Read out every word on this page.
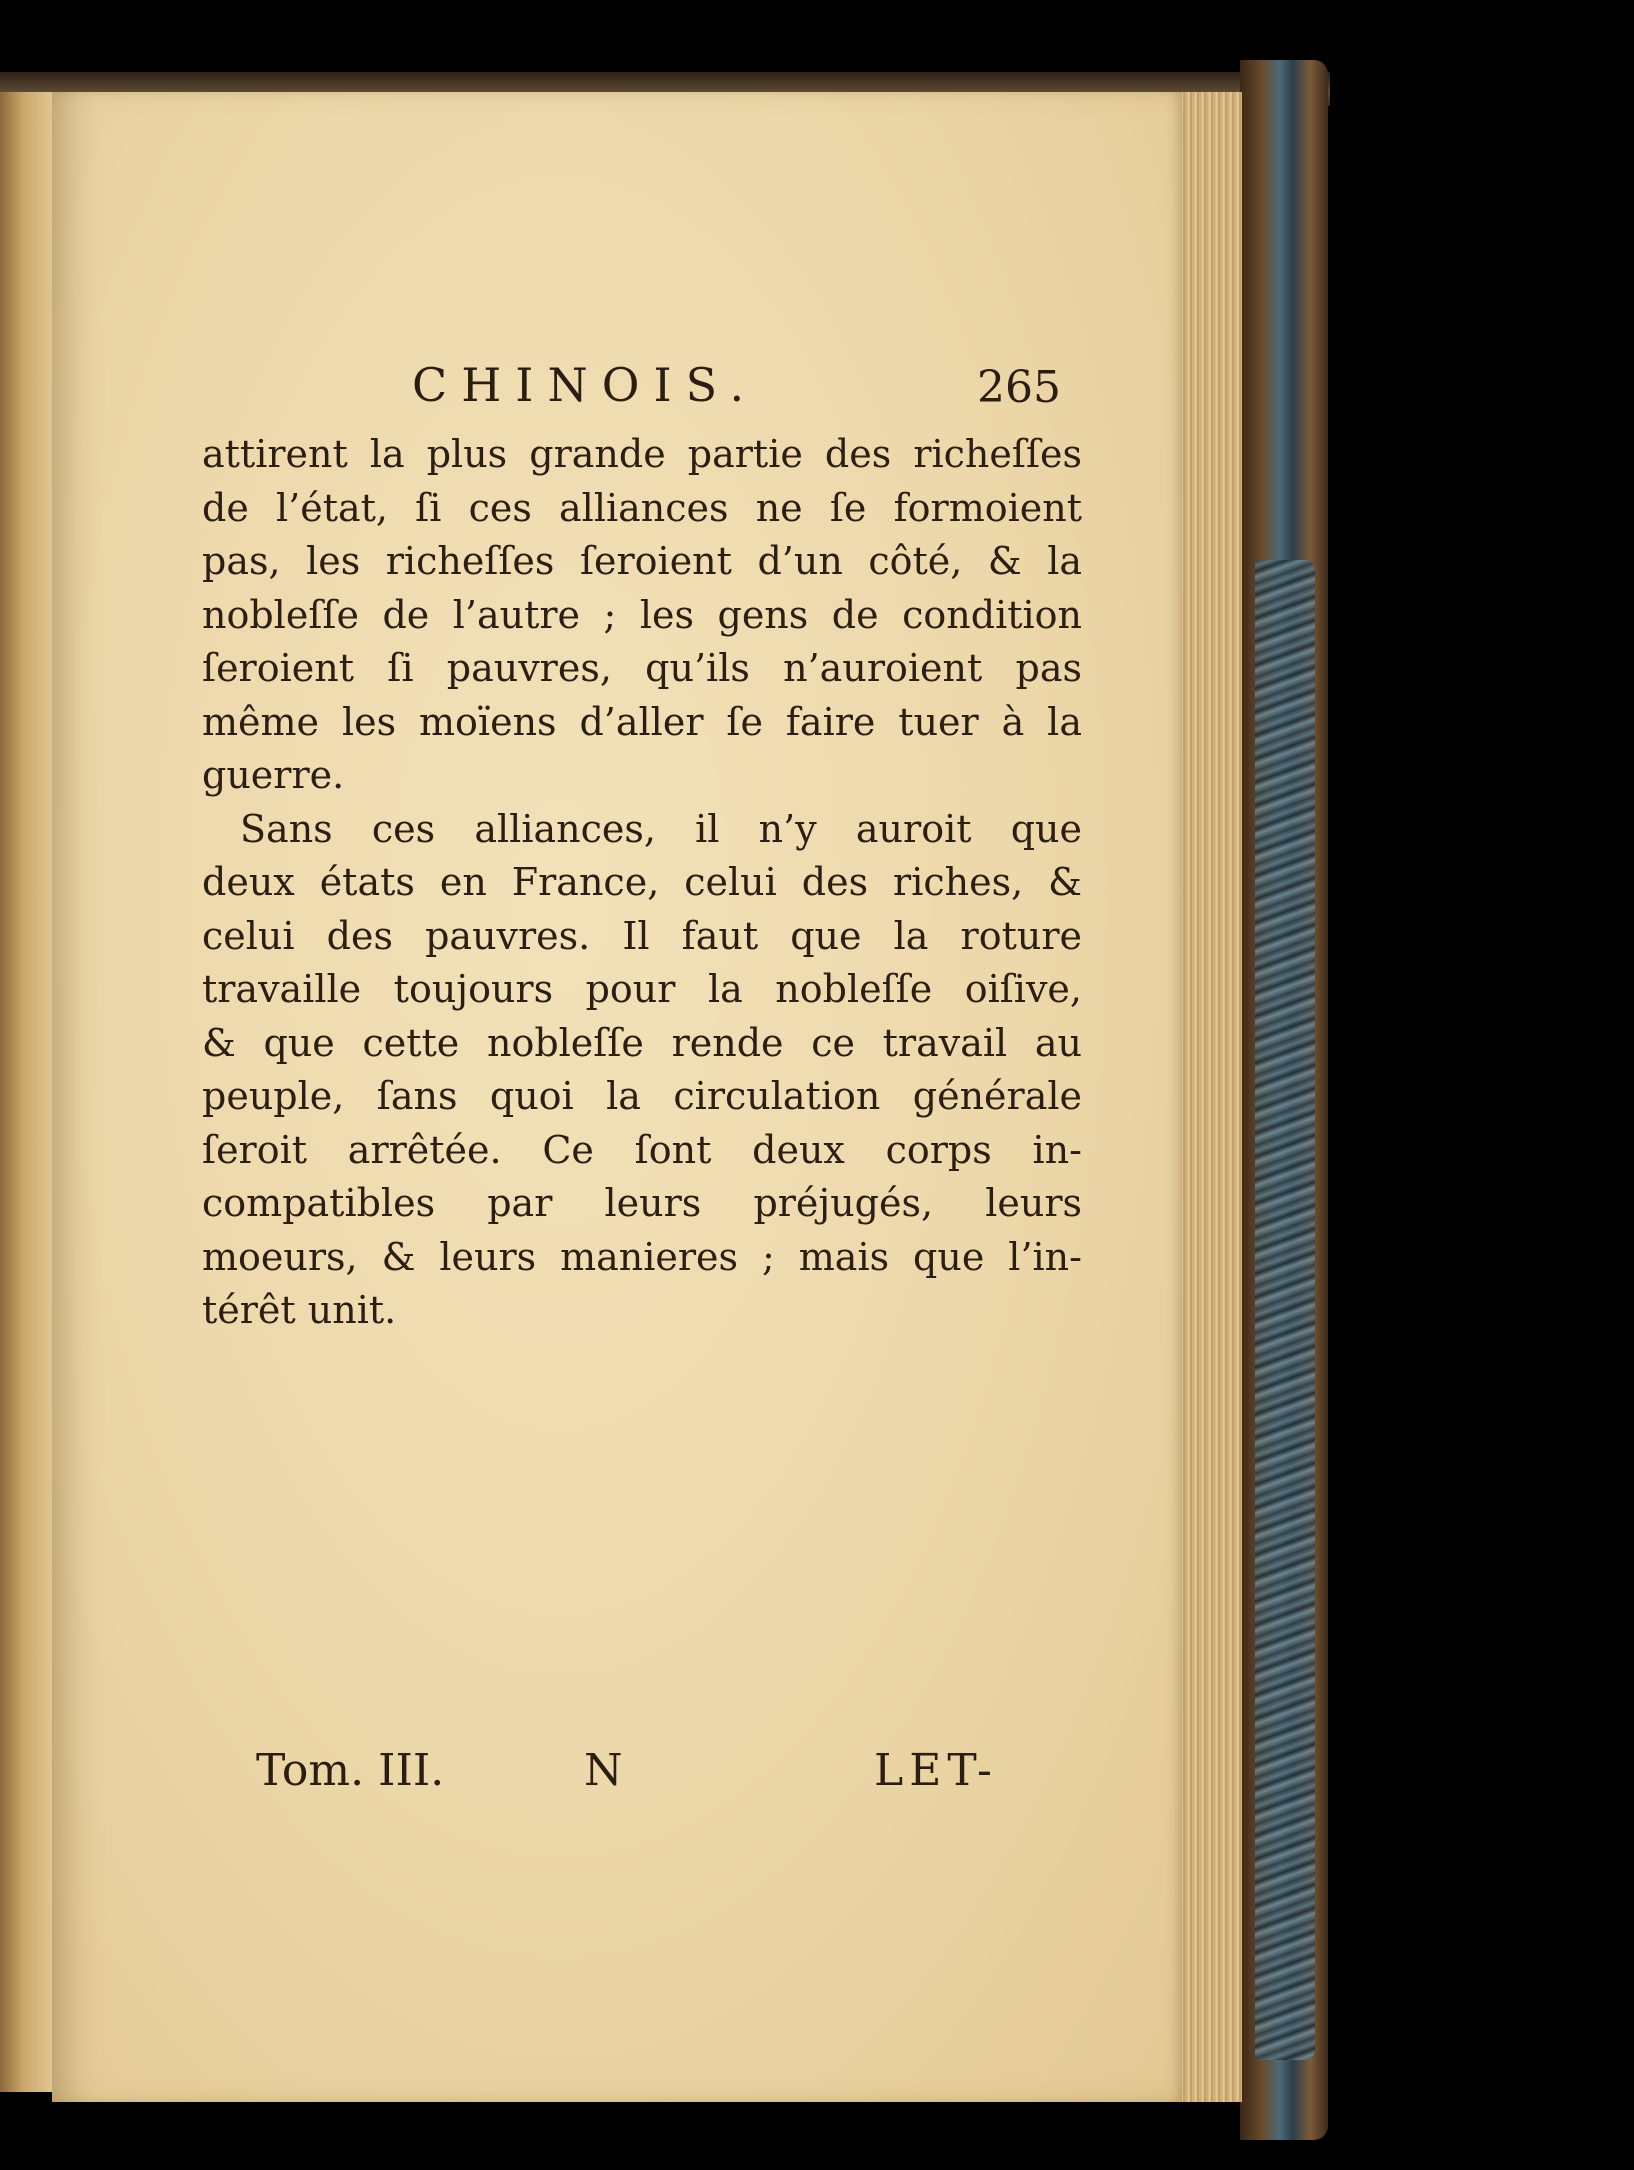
CHINOIS.	265
attirent la plus grande partie des richeſſes
de l’état, ſi ces alliances ne ſe formoient
pas, les richeſſes ſeroient d’un côté, & la
nobleſſe de l’autre ; les gens de condition
ſeroient ſi pauvres, qu’ils n’auroient pas
même les moïens d’aller ſe faire tuer à la
guerre.
Sans ces alliances, il n’y auroit que
deux états en France, celui des riches, &
celui des pauvres. Il faut que la roture
travaille toujours pour la nobleſſe oiſive,
& que cette nobleſſe rende ce travail au
peuple, ſans quoi la circulation générale
ſeroit arrêtée. Ce ſont deux corps in-
compatibles par leurs préjugés, leurs
moeurs, & leurs manieres ; mais que l’in-
térêt unit.
Tom. III.	N	LET-
